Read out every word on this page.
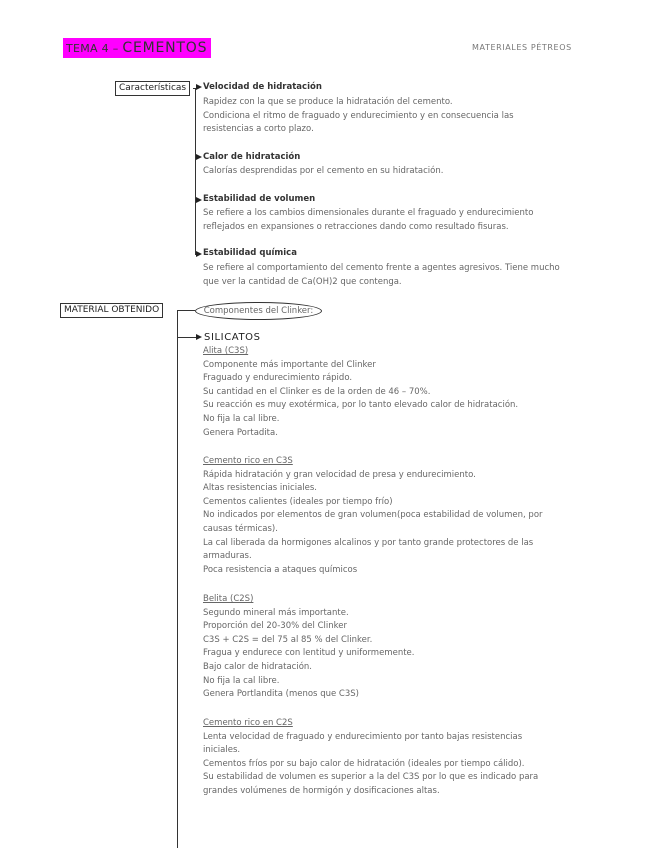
TEMA 4 – CEMENTOS	MATERIALES PÉTREOS
Características	Velocidad de hidratación

Rapidez con la que se produce la hidratación del cemento.

Condiciona el ritmo de fraguado y endurecimiento y en consecuencia las

resistencias a corto plazo.

Calor de hidratación

Calorías desprendidas por el cemento en su hidratación.

Estabilidad de volumen

Se refiere a los cambios dimensionales durante el fraguado y endurecimiento

reflejados en expansiones o retracciones dando como resultado fisuras.

Estabilidad química

Se refiere al comportamiento del cemento frente a agentes agresivos. Tiene mucho

que ver la cantidad de Ca(OH)2 que contenga.

MATERIAL OBTENIDO	Componentes del Clinker:
SILICATOS

Alita (C3S)

Componente más importante del Clinker

Fraguado y endurecimiento rápido.

Su cantidad en el Clinker es de la orden de 46 – 70%.

Su reacción es muy exotérmica, por lo tanto elevado calor de hidratación.

No fija la cal libre.

Genera Portadita.

Cemento rico en C3S

Rápida hidratación y gran velocidad de presa y endurecimiento.

Altas resistencias iniciales.

Cementos calientes (ideales por tiempo frío)

No indicados por elementos de gran volumen(poca estabilidad de volumen, por

causas térmicas).

La cal liberada da hormigones alcalinos y por tanto grande protectores de las

armaduras.

Poca resistencia a ataques químicos

Belita (C2S)

Segundo mineral más importante.

Proporción del 20-30% del Clinker

C3S + C2S = del 75 al 85 % del Clinker.

Fragua y endurece con lentitud y uniformemente.

Bajo calor de hidratación.

No fija la cal libre.

Genera Portlandita (menos que C3S)

Cemento rico en C2S

Lenta velocidad de fraguado y endurecimiento por tanto bajas resistencias

iniciales.

Cementos fríos por su bajo calor de hidratación (ideales por tiempo cálido).

Su estabilidad de volumen es superior a la del C3S por lo que es indicado para

grandes volúmenes de hormigón y dosificaciones altas.
